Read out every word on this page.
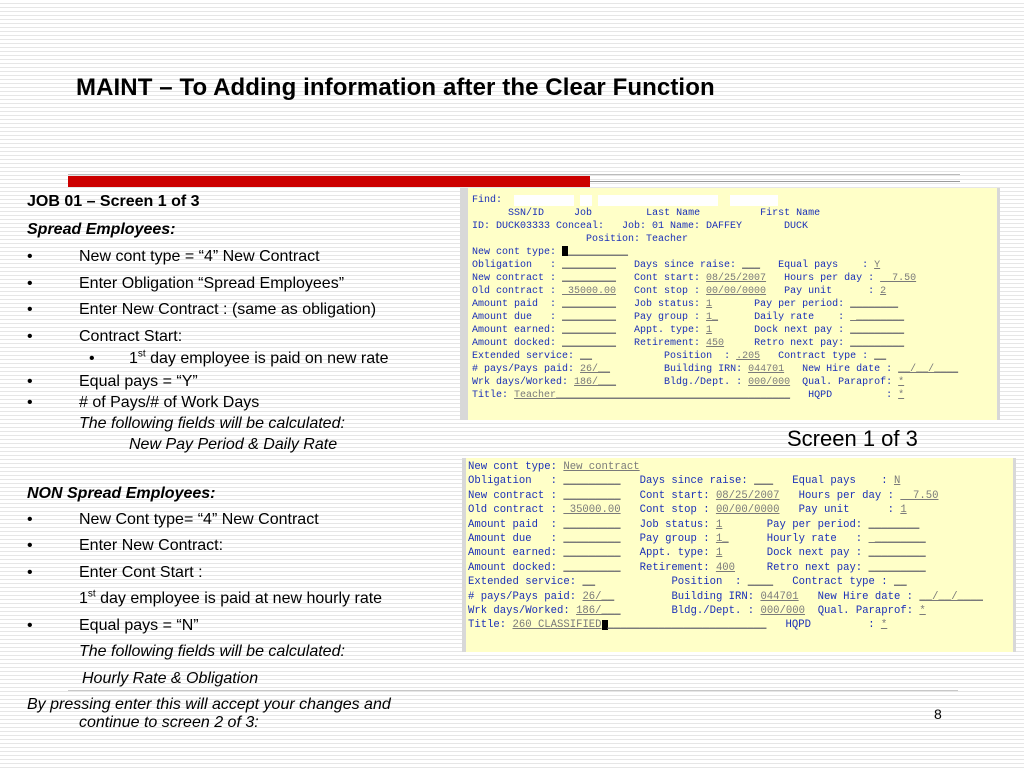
MAINT – To Adding information after the Clear Function
JOB 01 – Screen 1 of 3
Spread Employees:
•	New cont type = “4” New Contract
•	Enter Obligation “Spread Employees”
•	Enter New Contract : (same as obligation)
•	Contract Start:
• 1st day employee is paid on new rate
•	Equal pays = “Y”
•	# of Pays/# of Work Days
The following fields will be calculated:
New Pay Period & Daily Rate
NON Spread Employees:
•	New Cont type= “4” New Contract
•	Enter New Contract:
•	Enter Cont Start :
1st day employee is paid at new hourly rate
•	Equal pays = “N”
The following fields will be calculated:
Hourly Rate & Obligation
By pressing enter this will accept your changes and
continue to screen 2 of 3:
Find:
SSN/ID	Job	Last Name	First Name
ID: DUCK03333 Conceal:   Job: 01 Name: DAFFEY       DUCK
Position: Teacher
New cont type: __________
Obligation   : _________   Days since raise: ___   Equal pays    : Y
New contract : _________   Cont start: 08/25/2007   Hours per day :   7.50
Old contract :  35000.00   Cont stop : 00/00/0000   Pay unit      : 2
Amount paid  : _________   Job status: 1       Pay per period: ________
Amount due   : _________   Pay group : 1_      Daily rate    :  ________
Amount earned: _________   Appt. type: 1       Dock next pay : _________
Amount docked: _________   Retirement: 450     Retro next pay: _________
Extended service: __            Position  : .205   Contract type : __
# pays/Pays paid: 26/__         Building IRN: 044701   New Hire date : __/__/____
Wrk days/Worked: 186/___        Bldg./Dept. : 000/000  Qual. Paraprof: *
Title: Teacher_______________________________________ HQPD         : *
Screen 1 of 3
New cont type: New contract
Obligation   : _________   Days since raise: ___   Equal pays    : N
New contract : _________   Cont start: 08/25/2007   Hours per day :   7.50
Old contract :  35000.00   Cont stop : 00/00/0000   Pay unit      : 1
Amount paid  : _________   Job status: 1       Pay per period: ________
Amount due   : _________   Pay group : 1_      Hourly rate   :  ________
Amount earned: _________   Appt. type: 1       Dock next pay : _________
Amount docked: _________   Retirement: 400     Retro next pay: _________
Extended service: __            Position  : ____   Contract type : __
# pays/Pays paid: 26/__         Building IRN: 044701   New Hire date : __/__/____
Wrk days/Worked: 186/___        Bldg./Dept. : 000/000  Qual. Paraprof: *
Title: 260 CLASSIFIED _________________________ HQPD         : *
8
